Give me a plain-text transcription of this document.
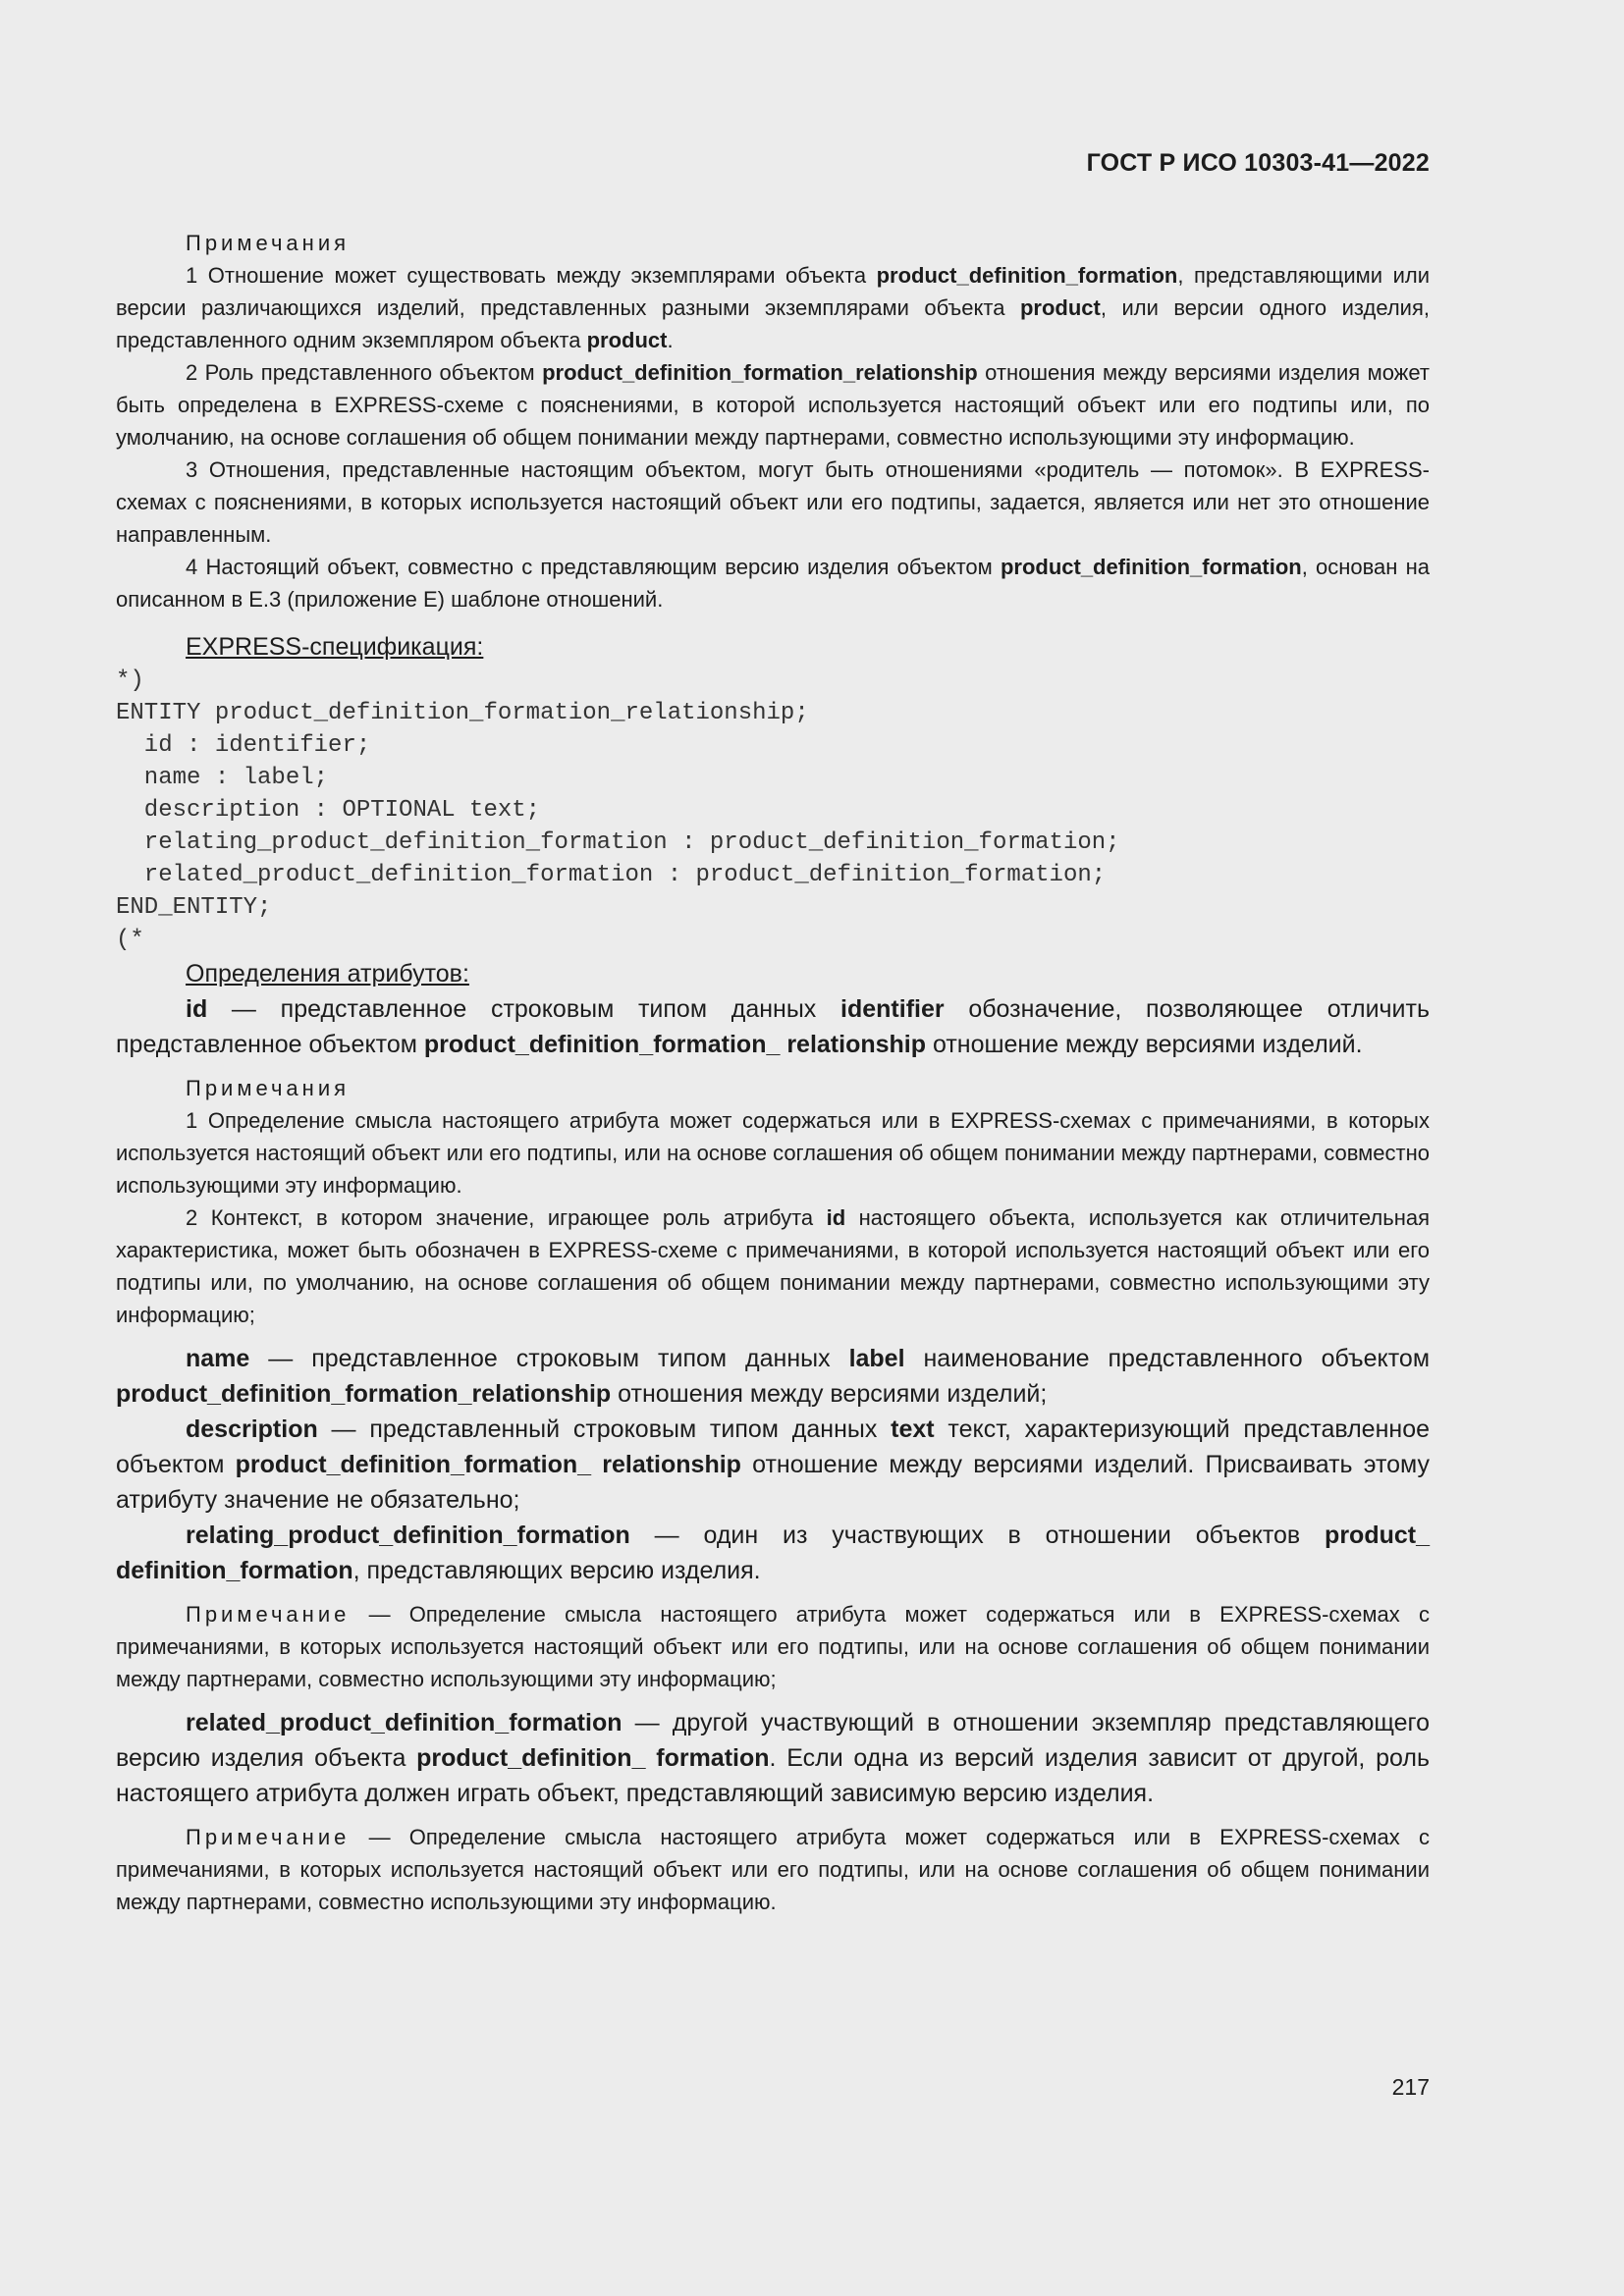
ГОСТ Р ИСО 10303-41—2022

Примечания

1 Отношение может существовать между экземплярами объекта product_definition_formation, представляющими или версии различающихся изделий, представленных разными экземплярами объекта product, или версии одного изделия, представленного одним экземпляром объекта product.

2 Роль представленного объектом product_definition_formation_relationship отношения между версиями изделия может быть определена в EXPRESS-схеме с пояснениями, в которой используется настоящий объект или его подтипы или, по умолчанию, на основе соглашения об общем понимании между партнерами, совместно использующими эту информацию.

3 Отношения, представленные настоящим объектом, могут быть отношениями «родитель — потомок». В EXPRESS-схемах с пояснениями, в которых используется настоящий объект или его подтипы, задается, является или нет это отношение направленным.

4 Настоящий объект, совместно с представляющим версию изделия объектом product_definition_formation, основан на описанном в Е.3 (приложение Е) шаблоне отношений.

EXPRESS-спецификация:

*)

ENTITY product_definition_formation_relationship;

id : identifier;

name : label;

description : OPTIONAL text;

relating_product_definition_formation : product_definition_formation;

related_product_definition_formation : product_definition_formation;

END_ENTITY;

(*

Определения атрибутов:

id — представленное строковым типом данных identifier обозначение, позволяющее отличить представленное объектом product_definition_formation_ relationship отношение между версиями изделий.

Примечания

1 Определение смысла настоящего атрибута может содержаться или в EXPRESS-схемах с примечаниями, в которых используется настоящий объект или его подтипы, или на основе соглашения об общем понимании между партнерами, совместно использующими эту информацию.

2 Контекст, в котором значение, играющее роль атрибута id настоящего объекта, используется как отличительная характеристика, может быть обозначен в EXPRESS-схеме с примечаниями, в которой используется настоящий объект или его подтипы или, по умолчанию, на основе соглашения об общем понимании между партнерами, совместно использующими эту информацию;

name — представленное строковым типом данных label наименование представленного объектом product_definition_formation_relationship отношения между версиями изделий;

description — представленный строковым типом данных text текст, характеризующий представленное объектом product_definition_formation_ relationship отношение между версиями изделий. Присваивать этому атрибуту значение не обязательно;

relating_product_definition_formation — один из участвующих в отношении объектов product_ definition_formation, представляющих версию изделия.

Примечание — Определение смысла настоящего атрибута может содержаться или в EXPRESS-схемах с примечаниями, в которых используется настоящий объект или его подтипы, или на основе соглашения об общем понимании между партнерами, совместно использующими эту информацию;

related_product_definition_formation — другой участвующий в отношении экземпляр представляющего версию изделия объекта product_definition_ formation. Если одна из версий изделия зависит от другой, роль настоящего атрибута должен играть объект, представляющий зависимую версию изделия.

Примечание — Определение смысла настоящего атрибута может содержаться или в EXPRESS-схемах с примечаниями, в которых используется настоящий объект или его подтипы, или на основе соглашения об общем понимании между партнерами, совместно использующими эту информацию.

217
